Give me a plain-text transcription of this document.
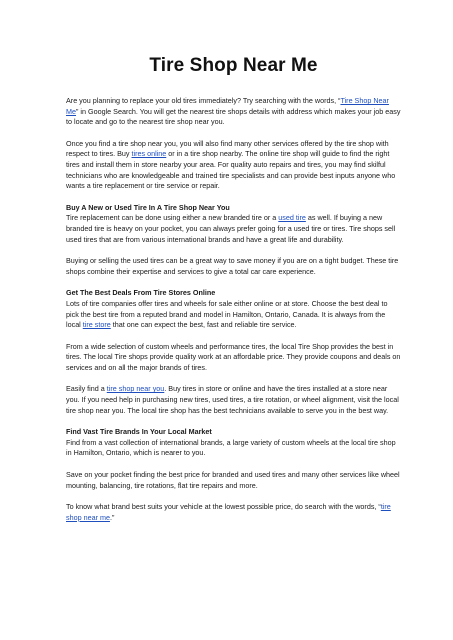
Tire Shop Near Me

Are you planning to replace your old tires immediately? Try searching with the words, “Tire Shop Near Me” in Google Search. You will get the nearest tire shops details with address which makes your job easy to locate and go to the nearest tire shop near you.

Once you find a tire shop near you, you will also find many other services offered by the tire shop with respect to tires. Buy tires online or in a tire shop nearby. The online tire shop will guide to find the right tires and install them in store nearby your area. For quality auto repairs and tires, you may find skilful technicians who are knowledgeable and trained tire specialists and can provide best inputs anyone who wants a tire replacement or tire service or repair.

Buy A New or Used Tire In A Tire Shop Near You

Tire replacement can be done using either a new branded tire or a used tire as well. If buying a new branded tire is heavy on your pocket, you can always prefer going for a used tire or tires. Tire shops sell used tires that are from various international brands and have a great life and durability.

Buying or selling the used tires can be a great way to save money if you are on a tight budget. These tire shops combine their expertise and services to give a total car care experience.

Get The Best Deals From Tire Stores Online

Lots of tire companies offer tires and wheels for sale either online or at store. Choose the best deal to pick the best tire from a reputed brand and model in Hamilton, Ontario, Canada. It is always from the local tire store that one can expect the best, fast and reliable tire service.

From a wide selection of custom wheels and performance tires, the local Tire Shop provides the best in tires. The local Tire shops provide quality work at an affordable price. They provide coupons and deals on services and on all the major brands of tires.

Easily find a tire shop near you. Buy tires in store or online and have the tires installed at a store near you. If you need help in purchasing new tires, used tires, a tire rotation, or wheel alignment, visit the local tire shop near you. The local tire shop has the best technicians available to serve you in the best way.

Find Vast Tire Brands In Your Local Market

Find from a vast collection of international brands, a large variety of custom wheels at the local tire shop in Hamilton, Ontario, which is nearer to you.

Save on your pocket finding the best price for branded and used tires and many other services like wheel mounting, balancing, tire rotations, flat tire repairs and more.

To know what brand best suits your vehicle at the lowest possible price, do search with the words, “tire shop near me.”
